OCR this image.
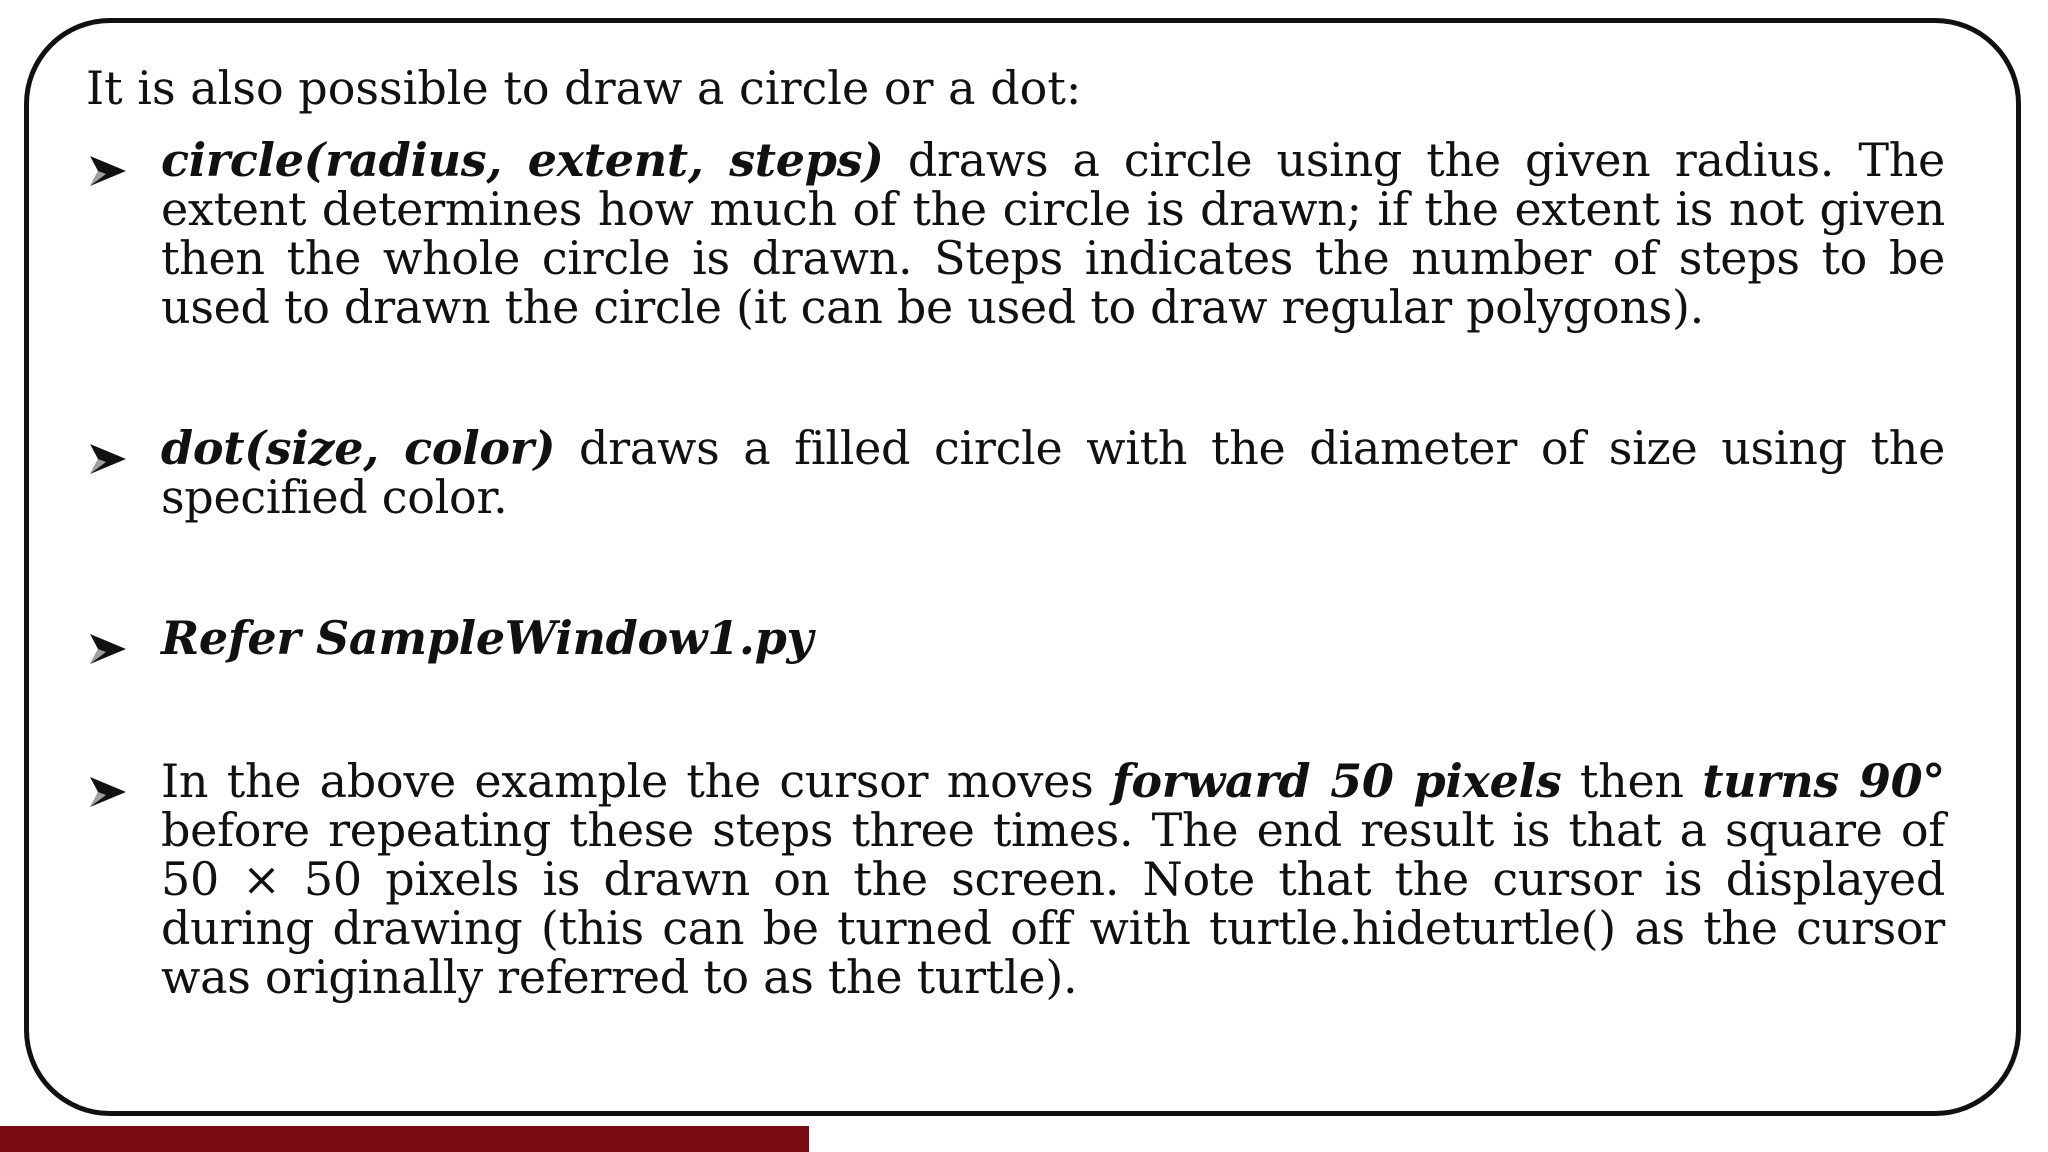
It is also possible to draw a circle or a dot:
circle(radius, extent, steps) draws a circle using the given radius. The extent determines how much of the circle is drawn; if the extent is not given then the whole circle is drawn. Steps indicates the number of steps to be used to drawn the circle (it can be used to draw regular polygons).
dot(size, color) draws a filled circle with the diameter of size using the specified color.
Refer SampleWindow1.py
In the above example the cursor moves forward 50 pixels then turns 90° before repeating these steps three times. The end result is that a square of 50 × 50 pixels is drawn on the screen. Note that the cursor is displayed during drawing (this can be turned off with turtle.hideturtle() as the cursor was originally referred to as the turtle).
